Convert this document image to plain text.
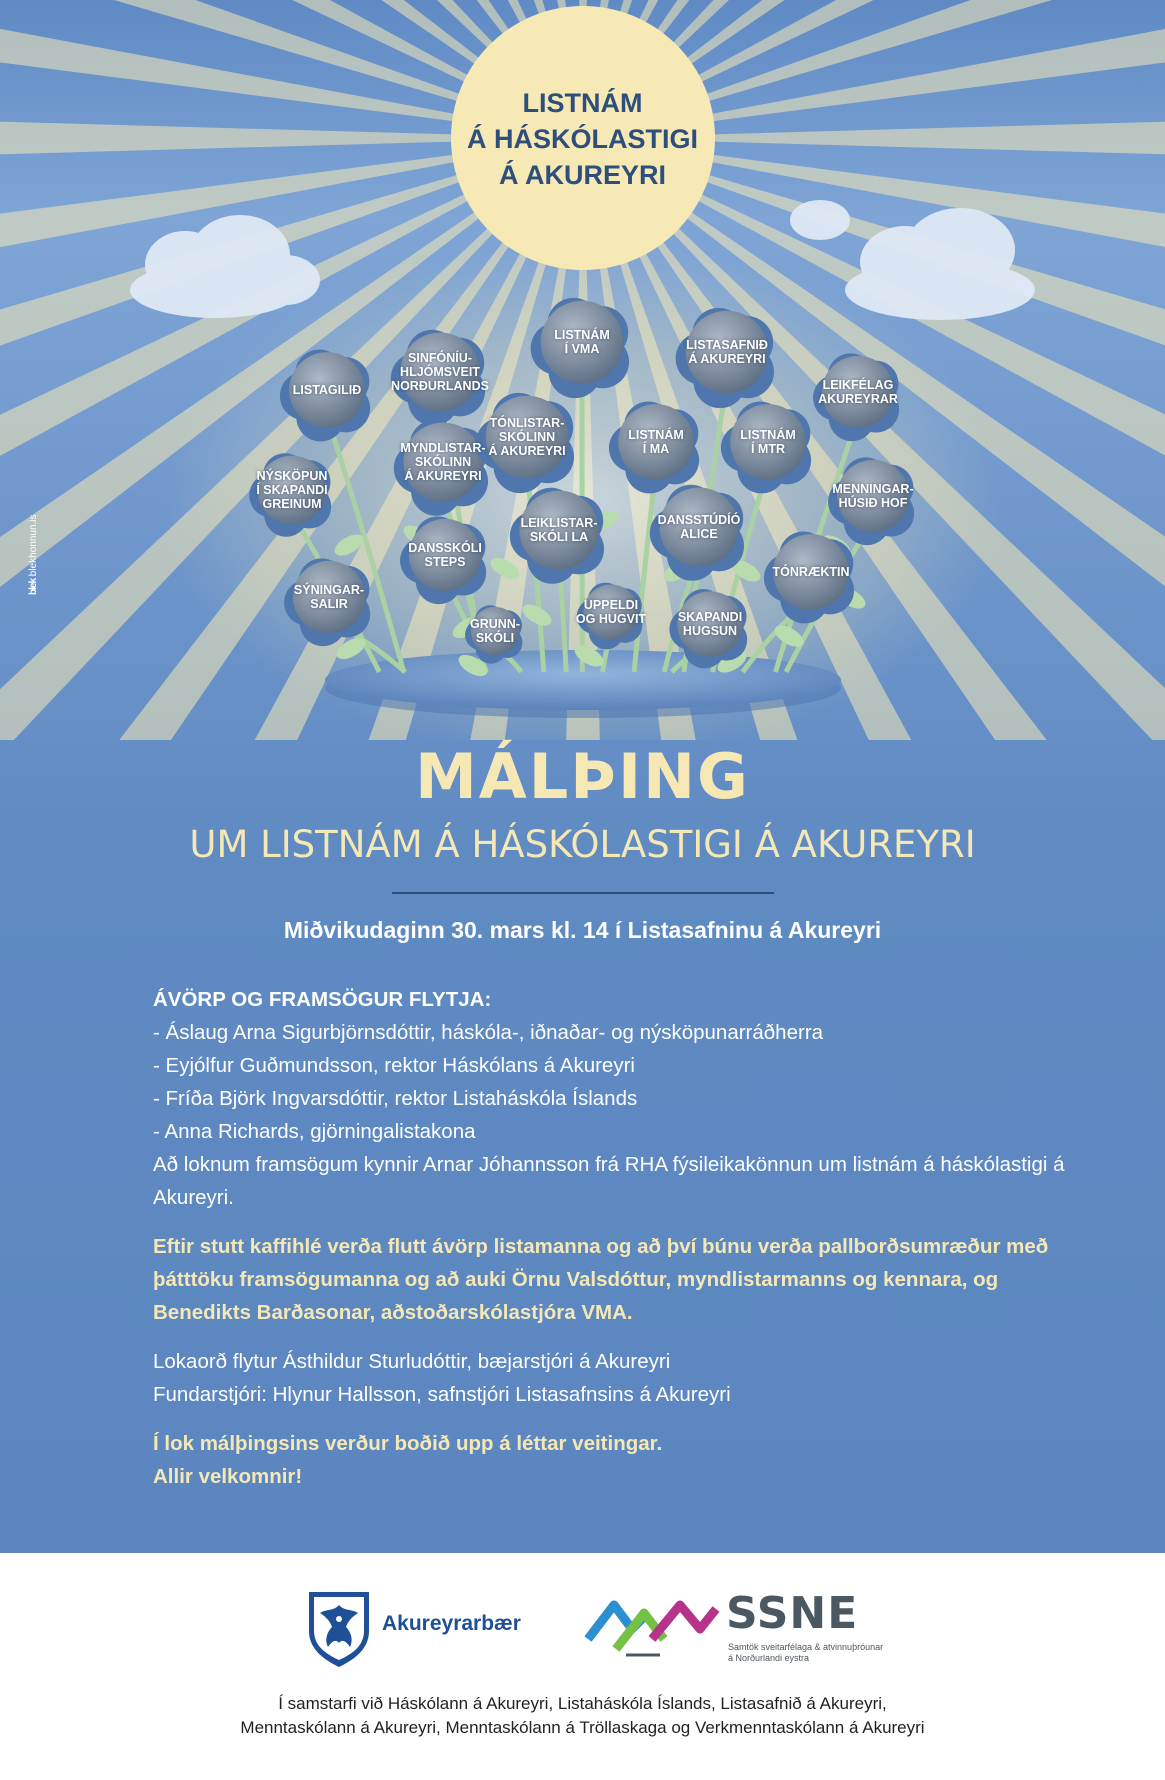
LISTNÁM
Á HÁSKÓLASTIGI
Á AKUREYRI
blek blekhonnun.is
SINFÓNÍU-
HLJÓMSVEIT
NORÐURLANDS
LISTNÁM
Í VMA	LISTASAFNIÐ
Á AKUREYRI
LISTAGILIÐ	LEIKFÉLAG
AKUREYRAR
MYNDLISTAR-
SKÓLINN
Á AKUREYRI
TÓNLISTAR-
SKÓLINN
Á AKUREYRI
LISTNÁM
Í MA
LISTNÁM
Í MTR
NÝSKÖPUN
Í SKAPANDI
GREINUM
MENNINGAR-
HÚSIÐ HOF
DANSSTÚDÍÓ
ALICE
LEIKLISTAR-
SKÓLI LA
DANSSKÓLI
STEPS
TÓNRÆKTIN
SÝNINGAR-
SALIR	UPPELDI
OG HUGVIT	SKAPANDI
HUGSUN
GRUNN-
SKÓLI
MÁLÞING
UM LISTNÁM Á HÁSKÓLASTIGI Á AKUREYRI
Miðvikudaginn 30. mars kl. 14 í Listasafninu á Akureyri
ÁVÖRP OG FRAMSÖGUR FLYTJA:
- Áslaug Arna Sigurbjörnsdóttir, háskóla-, iðnaðar- og nýsköpunarráðherra
- Eyjólfur Guðmundsson, rektor Háskólans á Akureyri
- Fríða Björk Ingvarsdóttir, rektor Listaháskóla Íslands
- Anna Richards, gjörningalistakona
Að loknum framsögum kynnir Arnar Jóhannsson frá RHA fýsileikakönnun um listnám á háskólastigi á Akureyri.
Eftir stutt kaffihlé verða flutt ávörp listamanna og að því búnu verða pallborðsumræður með þátttöku framsögumanna og að auki Örnu Valsdóttur, myndlistarmanns og kennara, og Benedikts Barðasonar, aðstoðarskólastjóra VMA.
Lokaorð flytur Ásthildur Sturludóttir, bæjarstjóri á Akureyri
Fundarstjóri: Hlynur Hallsson, safnstjóri Listasafnsins á Akureyri
Í lok málþingsins verður boðið upp á léttar veitingar.
Allir velkomnir!
Akureyrarbær	SSNE
Samtök sveitarfélaga & atvinnuþróunar
á Norðurlandi eystra
Í samstarfi við Háskólann á Akureyri, Listaháskóla Íslands, Listasafnið á Akureyri,
Menntaskólann á Akureyri, Menntaskólann á Tröllaskaga og Verkmenntaskólann á Akureyri
